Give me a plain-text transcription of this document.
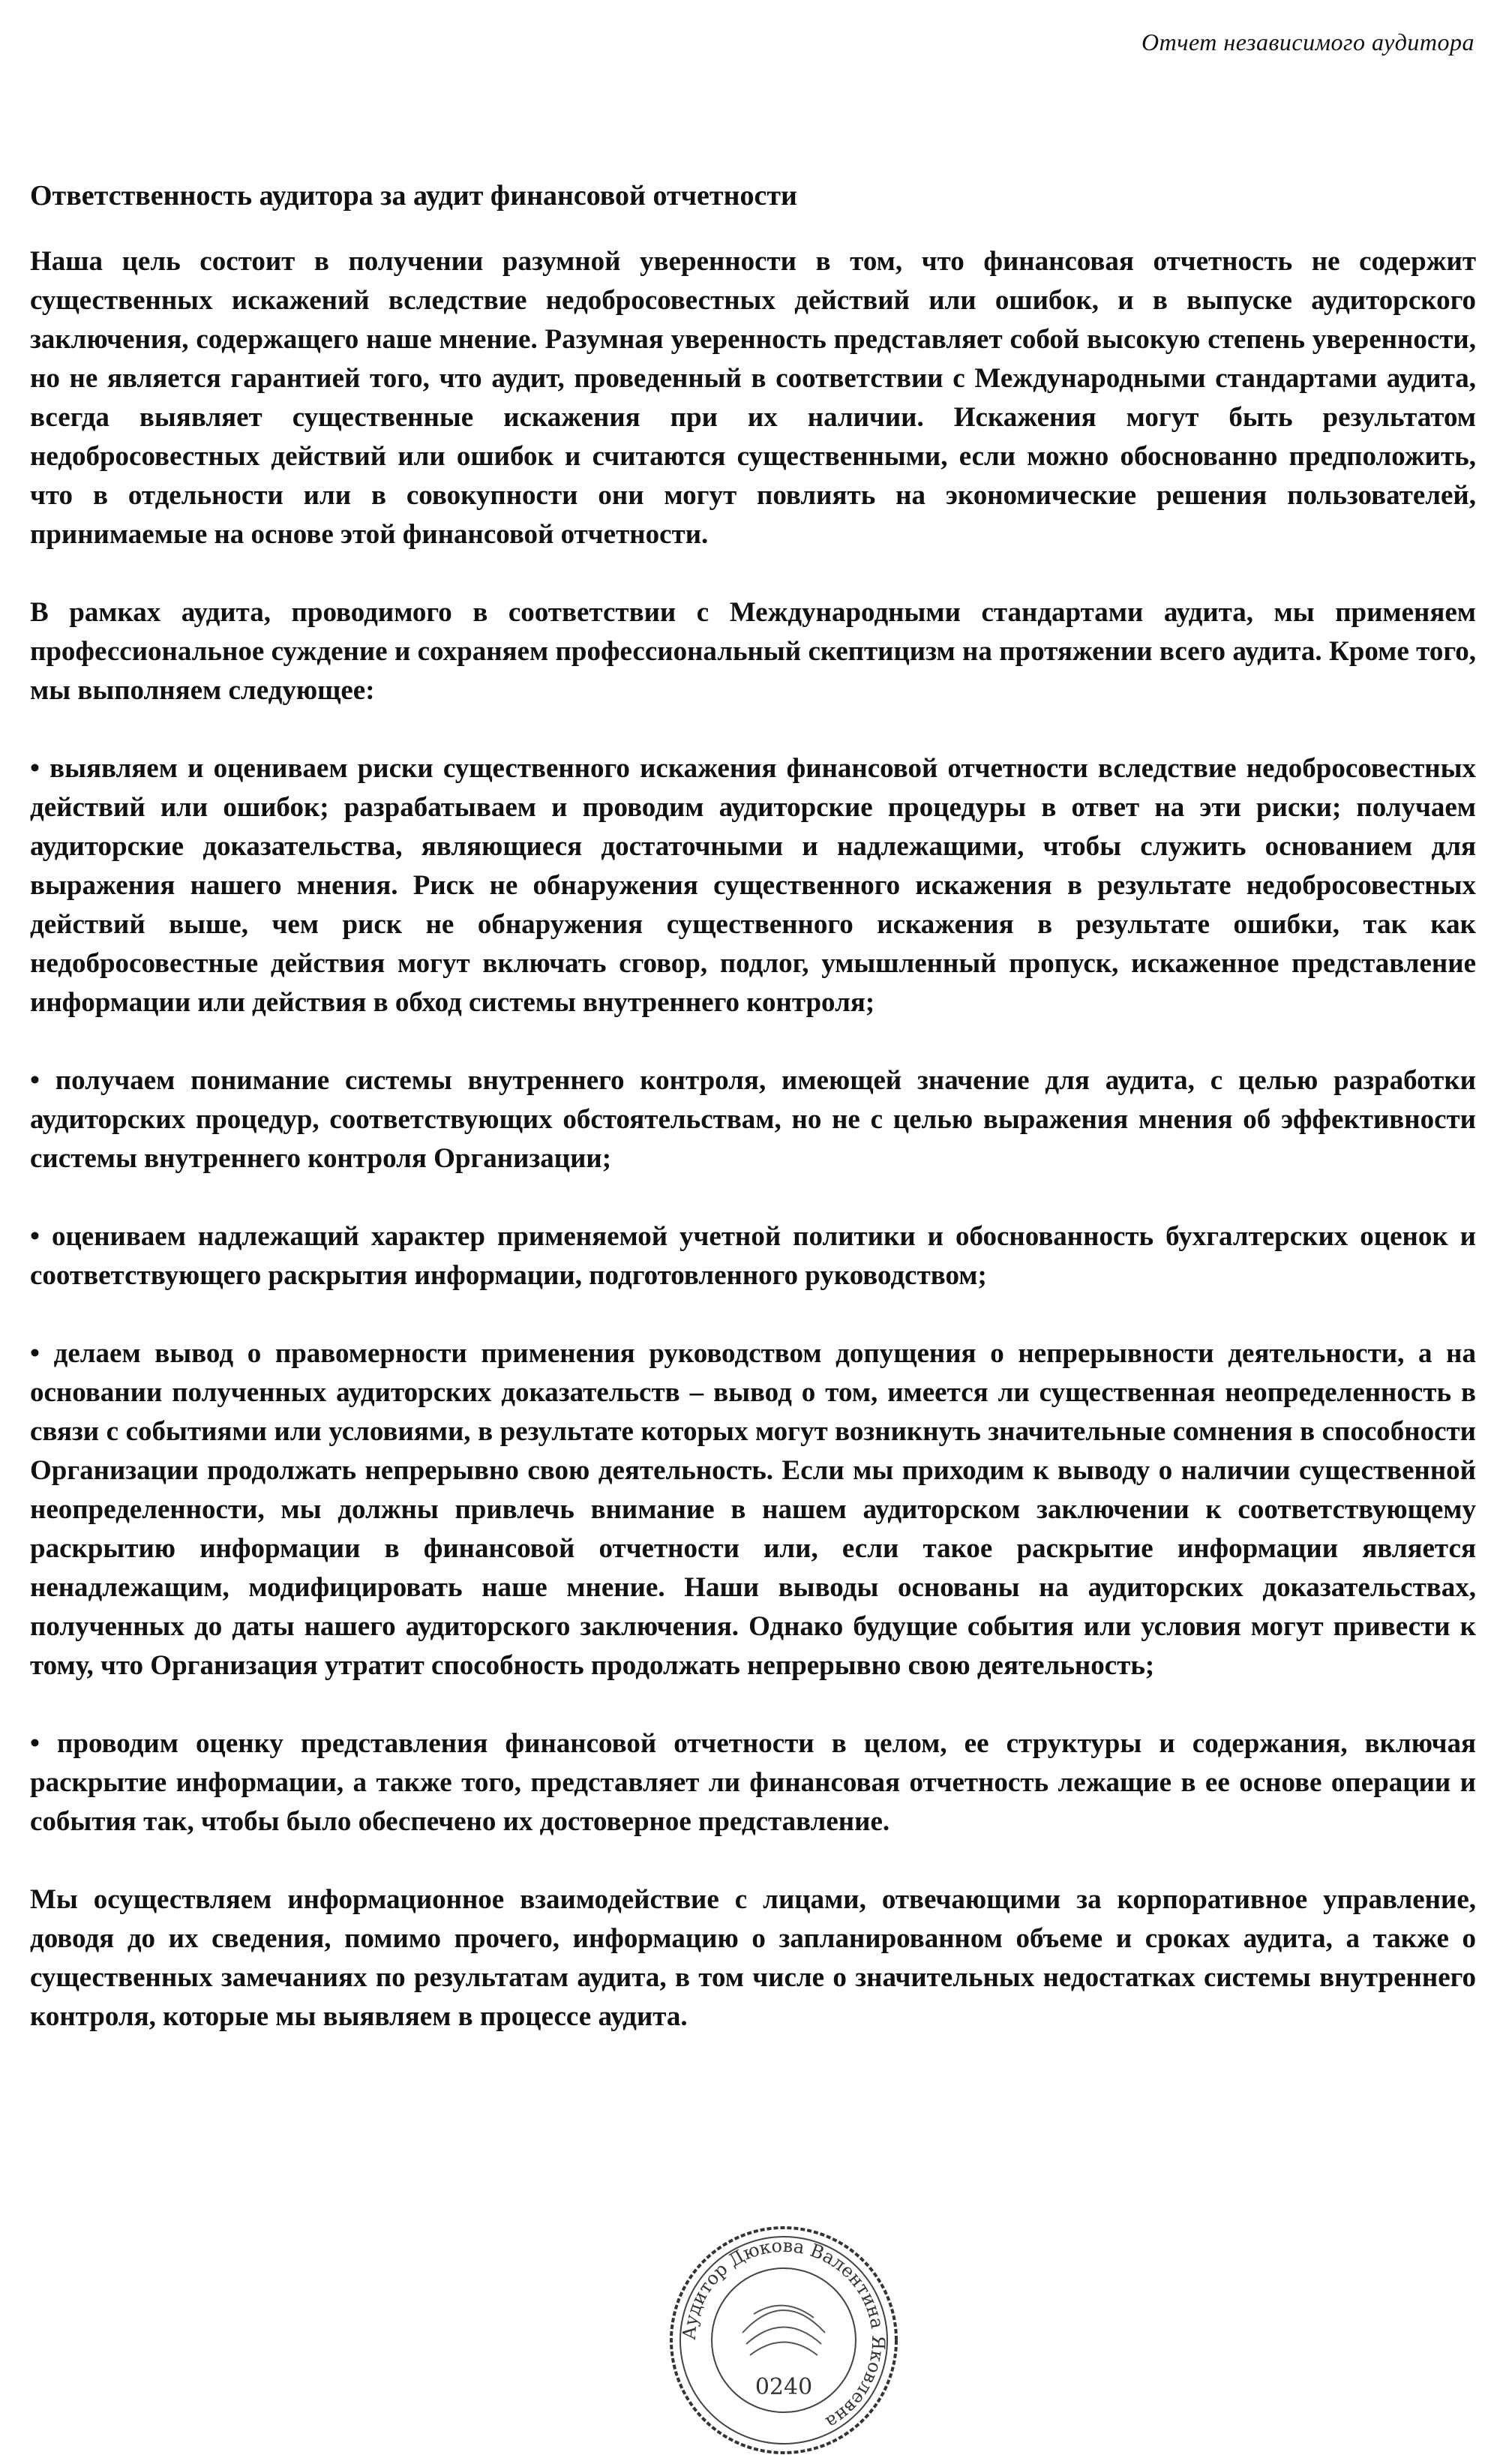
Отчет независимого аудитора
Ответственность аудитора за аудит финансовой отчетности

Наша цель состоит в получении разумной уверенности в том, что финансовая отчетность не содержит существенных искажений вследствие недобросовестных действий или ошибок, и в выпуске аудиторского заключения, содержащего наше мнение. Разумная уверенность представляет собой высокую степень уверенности, но не является гарантией того, что аудит, проведенный в соответствии с Международными стандартами аудита, всегда выявляет существенные искажения при их наличии. Искажения могут быть результатом недобросовестных действий или ошибок и считаются существенными, если можно обоснованно предположить, что в отдельности или в совокупности они могут повлиять на экономические решения пользователей, принимаемые на основе этой финансовой отчетности.

В рамках аудита, проводимого в соответствии с Международными стандартами аудита, мы применяем профессиональное суждение и сохраняем профессиональный скептицизм на протяжении всего аудита. Кроме того, мы выполняем следующее:

• выявляем и оцениваем риски существенного искажения финансовой отчетности вследствие недобросовестных действий или ошибок; разрабатываем и проводим аудиторские процедуры в ответ на эти риски; получаем аудиторские доказательства, являющиеся достаточными и надлежащими, чтобы служить основанием для выражения нашего мнения. Риск не обнаружения существенного искажения в результате недобросовестных действий выше, чем риск не обнаружения существенного искажения в результате ошибки, так как недобросовестные действия могут включать сговор, подлог, умышленный пропуск, искаженное представление информации или действия в обход системы внутреннего контроля;

• получаем понимание системы внутреннего контроля, имеющей значение для аудита, с целью разработки аудиторских процедур, соответствующих обстоятельствам, но не с целью выражения мнения об эффективности системы внутреннего контроля Организации;

• оцениваем надлежащий характер применяемой учетной политики и обоснованность бухгалтерских оценок и соответствующего раскрытия информации, подготовленного руководством;

• делаем вывод о правомерности применения руководством допущения о непрерывности деятельности, а на основании полученных аудиторских доказательств – вывод о том, имеется ли существенная неопределенность в связи с событиями или условиями, в результате которых могут возникнуть значительные сомнения в способности Организации продолжать непрерывно свою деятельность. Если мы приходим к выводу о наличии существенной неопределенности, мы должны привлечь внимание в нашем аудиторском заключении к соответствующему раскрытию информации в финансовой отчетности или, если такое раскрытие информации является ненадлежащим, модифицировать наше мнение. Наши выводы основаны на аудиторских доказательствах, полученных до даты нашего аудиторского заключения. Однако будущие события или условия могут привести к тому, что Организация утратит способность продолжать непрерывно свою деятельность;

• проводим оценку представления финансовой отчетности в целом, ее структуры и содержания, включая раскрытие информации, а также того, представляет ли финансовая отчетность лежащие в ее основе операции и события так, чтобы было обеспечено их достоверное представление.

Мы осуществляем информационное взаимодействие с лицами, отвечающими за корпоративное управление, доводя до их сведения, помимо прочего, информацию о запланированном объеме и сроках аудита, а также о существенных замечаниях по результатам аудита, в том числе о значительных недостатках системы внутреннего контроля, которые мы выявляем в процессе аудита.

Аудитор Дюкова Валентина Яковлевна
0240
